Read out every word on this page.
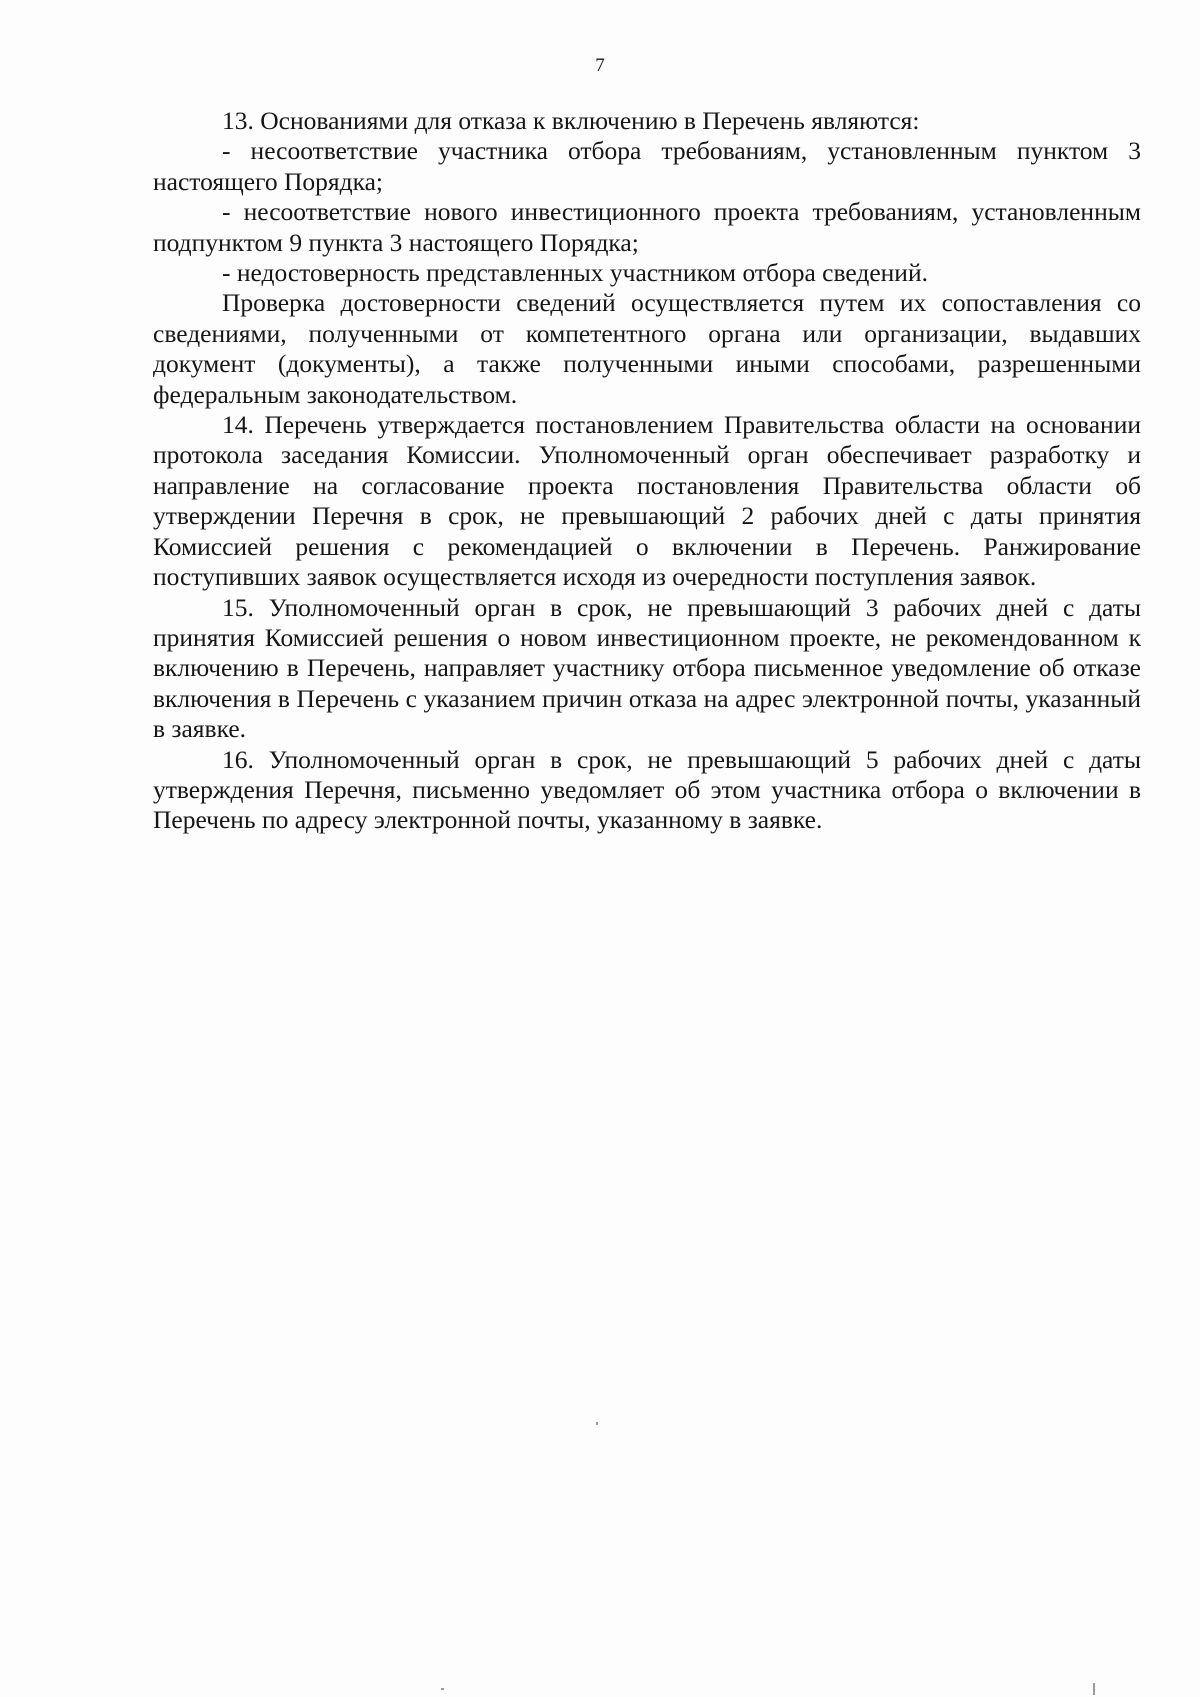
7

13. Основаниями для отказа к включению в Перечень являются:

- несоответствие участника отбора требованиям, установленным пунктом 3 настоящего Порядка;

- несоответствие нового инвестиционного проекта требованиям, установленным подпунктом 9 пункта 3 настоящего Порядка;

- недостоверность представленных участником отбора сведений.

Проверка достоверности сведений осуществляется путем их сопоставления со сведениями, полученными от компетентного органа или организации, выдавших документ (документы), а также полученными иными способами, разрешенными федеральным законодательством.

14. Перечень утверждается постановлением Правительства области на основании протокола заседания Комиссии. Уполномоченный орган обеспечивает разработку и направление на согласование проекта постановления Правительства области об утверждении Перечня в срок, не превышающий 2 рабочих дней с даты принятия Комиссией решения с рекомендацией о включении в Перечень. Ранжирование поступивших заявок осуществляется исходя из очередности поступления заявок.

15. Уполномоченный орган в срок, не превышающий 3 рабочих дней с даты принятия Комиссией решения о новом инвестиционном проекте, не рекомендованном к включению в Перечень, направляет участнику отбора письменное уведомление об отказе включения в Перечень с указанием причин отказа на адрес электронной почты, указанный в заявке.

16. Уполномоченный орган в срок, не превышающий 5 рабочих дней с даты утверждения Перечня, письменно уведомляет об этом участника отбора о включении в Перечень по адресу электронной почты, указанному в заявке.
